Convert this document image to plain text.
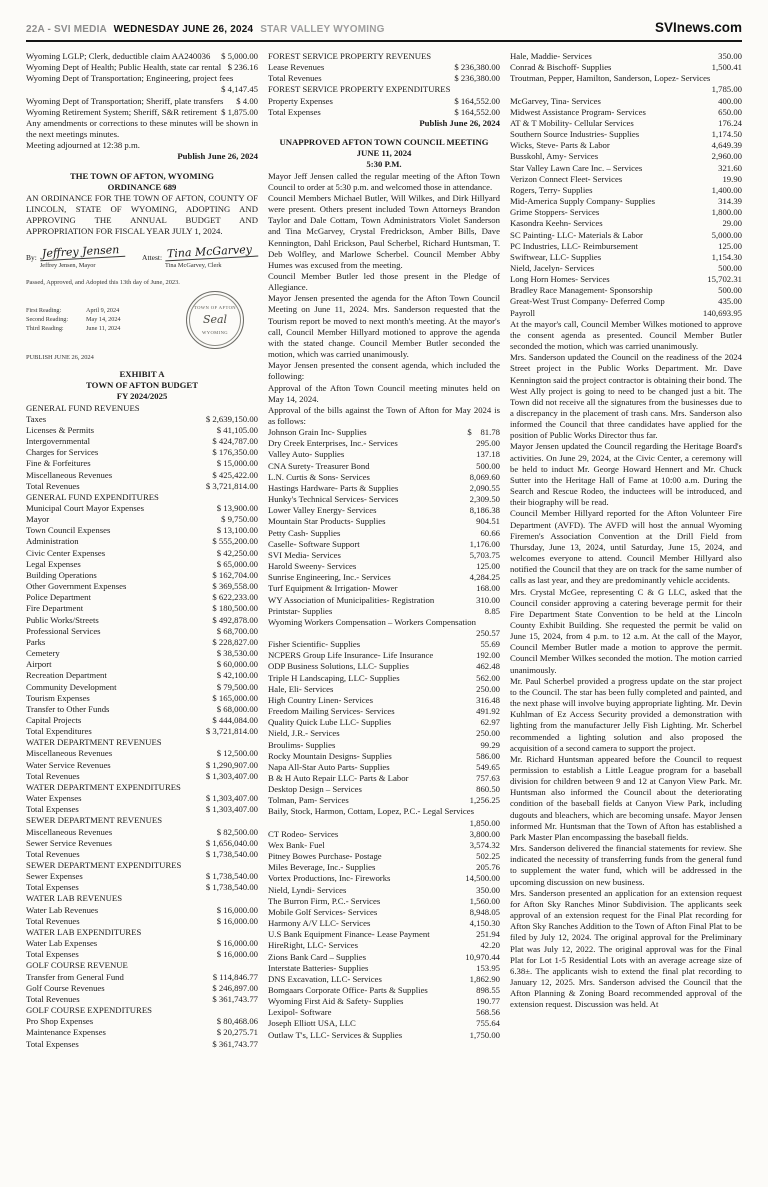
22A - SVI MEDIA WEDNESDAY JUNE 26, 2024 STAR VALLEY WYOMING	SVInews.com
Wyoming LGLP; Clerk, deductible claim AA240036 $ 5,000.00
Wyoming Dept of Health; Public Health, state car rental $ 236.16
Wyoming Dept of Transportation; Engineering, project fees
$ 4,147.45
Wyoming Dept of Transportation; Sheriff, plate transfers $ 4.00
Wyoming Retirement System; Sheriff, S&R retirement $ 1,875.00
Any amendments or corrections to these minutes will be shown in the next meetings minutes.
Meeting adjourned at 12:38 p.m.
Publish June 26, 2024
THE TOWN OF AFTON, WYOMING
ORDINANCE 689
AN ORDINANCE FOR THE TOWN OF AFTON, COUNTY OF LINCOLN, STATE OF WYOMING, ADOPTING AND APPROVING THE ANNUAL BUDGET AND APPROPRIATION FOR FISCAL YEAR JULY 1, 2024.
By: Jeffrey Jensen
Jeffrey Jensen, Mayor
Attest: Tina McGarvey
Tina McGarvey, Clerk
Passed, Approved, and Adopted this 13th day of June, 2023.
First Reading:	April 9, 2024
Second Reading:	May 14, 2024
Third Reading:	June 11, 2024
TOWN OF AFTON
Seal
WYOMING
PUBLISH JUNE 26, 2024
EXHIBIT A
TOWN OF AFTON BUDGET
FY 2024/2025
GENERAL FUND REVENUES
Taxes	$ 2,639,150.00
Licenses & Permits	$ 41,105.00
Intergovernmental	$ 424,787.00
Charges for Services	$ 176,350.00
Fine & Forfeitures	$ 15,000.00
Miscellaneous Revenues	$ 425,422.00
Total Revenues	$ 3,721,814.00
GENERAL FUND EXPENDITURES
Municipal Court Mayor Expenses	$ 13,900.00
Mayor	$ 9,750.00
Town Council Expenses	$ 13,100.00
Administration	$ 555,200.00
Civic Center Expenses	$ 42,250.00
Legal Expenses	$ 65,000.00
Building Operations	$ 162,704.00
Other Government Expenses	$ 369,558.00
Police Department	$ 622,233.00
Fire Department	$ 180,500.00
Public Works/Streets	$ 492,878.00
Professional Services	$ 68,700.00
Parks	$ 228,827.00
Cemetery	$ 38,530.00
Airport	$ 60,000.00
Recreation Department	$ 42,100.00
Community Development	$ 79,500.00
Tourism Expenses	$ 165,000.00
Transfer to Other Funds	$ 68,000.00
Capital Projects	$ 444,084.00
Total Expenditures	$ 3,721,814.00
WATER DEPARTMENT REVENUES
Miscellaneous Revenues	$ 12,500.00
Water Service Revenues	$ 1,290,907.00
Total Revenues	$ 1,303,407.00
WATER DEPARTMENT EXPENDITURES
Water Expenses	$ 1,303,407.00
Total Expenses	$ 1,303,407.00
SEWER DEPARTMENT REVENUES
Miscellaneous Revenues	$ 82,500.00
Sewer Service Revenues	$ 1,656,040.00
Total Revenues	$ 1,738,540.00
SEWER DEPARTMENT EXPENDITURES
Sewer Expenses	$ 1,738,540.00
Total Expenses	$ 1,738,540.00
WATER LAB REVENUES
Water Lab Revenues	$ 16,000.00
Total Revenues	$ 16,000.00
WATER LAB EXPENDITURES
Water Lab Expenses	$ 16,000.00
Total Expenses	$ 16,000.00
GOLF COURSE REVENUE
Transfer from General Fund	$ 114,846.77
Golf Course Revenues	$ 246,897.00
Total Revenues	$ 361,743.77
GOLF COURSE EXPENDITURES
Pro Shop Expenses	$ 80,468.06
Maintenance Expenses	$ 20,275.71
Total Expenses	$ 361,743.77
FOREST SERVICE PROPERTY REVENUES
Lease Revenues	$ 236,380.00
Total Revenues	$ 236,380.00
FOREST SERVICE PROPERTY EXPENDITURES
Property Expenses	$ 164,552.00
Total Expenses	$ 164,552.00
Publish June 26, 2024
UNAPPROVED AFTON TOWN COUNCIL MEETING
JUNE 11, 2024
5:30 P.M.
Mayor Jeff Jensen called the regular meeting of the Afton Town Council to order at 5:30 p.m. and welcomed those in attendance.
Council Members Michael Butler, Will Wilkes, and Dirk Hillyard were present. Others present included Town Attorneys Brandon Taylor and Dale Cottam, Town Administrators Violet Sanderson and Tina McGarvey, Crystal Fredrickson, Amber Bills, Dave Kennington, Dahl Erickson, Paul Scherbel, Richard Huntsman, T. Deb Wolfley, and Marlowe Scherbel. Council Member Abby Humes was excused from the meeting.
Council Member Butler led those present in the Pledge of Allegiance.
Mayor Jensen presented the agenda for the Afton Town Council Meeting on June 11, 2024. Mrs. Sanderson requested that the Tourism report be moved to next month's meeting. At the mayor's call, Council Member Hillyard motioned to approve the agenda with the stated change. Council Member Butler seconded the motion, which was carried unanimously.
Mayor Jensen presented the consent agenda, which included the following:
Approval of the Afton Town Council meeting minutes held on May 14, 2024.
Approval of the bills against the Town of Afton for May 2024 is as follows:
Johnson Grain Inc- Supplies	$    81.78
Dry Creek Enterprises, Inc.- Services	295.00
Valley Auto- Supplies	137.18
CNA Surety- Treasurer Bond	500.00
L.N. Curtis & Sons- Services	8,069.60
Hastings Hardware- Parts & Supplies	2,090.55
Hunky's Technical Services- Services	2,309.50
Lower Valley Energy- Services	8,186.38
Mountain Star Products- Supplies	904.51
Petty Cash- Supplies	60.66
Caselle- Software Support	1,176.00
SVI Media- Services	5,703.75
Harold Sweeny- Services	125.00
Sunrise Engineering, Inc.- Services	4,284.25
Turf Equipment & Irrigation- Mower	168.00
WY Association of Municipalities- Registration	310.00
Printstar- Supplies	8.85
Wyoming Workers Compensation – Workers Compensation
250.57
Fisher Scientific- Supplies	55.69
NCPERS Group Life Insurance- Life Insurance	192.00
ODP Business Solutions, LLC- Supplies	462.48
Triple H Landscaping, LLC- Supplies	562.00
Hale, Eli- Services	250.00
High Country Linen- Services	316.48
Freedom Mailing Services- Services	491.92
Quality Quick Lube LLC- Supplies	62.97
Nield, J.R.- Services	250.00
Broulims- Supplies	99.29
Rocky Mountain Designs- Supplies	586.00
Napa All-Star Auto Parts- Supplies	549.65
B & H Auto Repair LLC- Parts & Labor	757.63
Desktop Design – Services	860.50
Tolman, Pam- Services	1,256.25
Baily, Stock, Harmon, Cottam, Lopez, P.C.- Legal Services
1,850.00
CT Rodeo- Services	3,800.00
Wex Bank- Fuel	3,574.32
Pitney Bowes Purchase- Postage	502.25
Miles Beverage, Inc.- Supplies	205.76
Vortex Productions, Inc- Fireworks	14,500.00
Nield, Lyndi- Services	350.00
The Burron Firm, P.C.- Services	1,560.00
Mobile Golf Services- Services	8,948.05
Harmony A/V LLC- Services	4,150.30
U.S Bank Equipment Finance- Lease Payment	251.94
HireRight, LLC- Services	42.20
Zions Bank Card – Supplies	10,970.44
Interstate Batteries- Supplies	153.95
DNS Excavation, LLC- Services	1,862.90
Bomgaars Corporate Office- Parts & Supplies	898.55
Wyoming First Aid & Safety- Supplies	190.77
Lexipol- Software	568.56
Joseph Elliott USA, LLC	755.64
Outlaw T's, LLC- Services & Supplies	1,750.00
Hale, Maddie- Services	350.00
Conrad & Bischoff- Supplies	1,500.41
Troutman, Pepper, Hamilton, Sanderson, Lopez- Services
1,785.00
McGarvey, Tina- Services	400.00
Midwest Assistance Program- Services	650.00
AT & T Mobility- Cellular Services	176.24
Southern Source Industries- Supplies	1,174.50
Wicks, Steve- Parts & Labor	4,649.39
Busskohl, Amy- Services	2,960.00
Star Valley Lawn Care Inc. – Services	321.60
Verizon Connect Fleet- Services	19.90
Rogers, Terry- Supplies	1,400.00
Mid-America Supply Company- Supplies	314.39
Grime Stoppers- Services	1,800.00
Kasondra Keehn- Services	29.00
SC Painting- LLC- Materials & Labor	5,000.00
PC Industries, LLC- Reimbursement	125.00
Swiftwear, LLC- Supplies	1,154.30
Nield, Jacelyn- Services	500.00
Long Horn Homes- Services	15,702.31
Bradley Race Management- Sponsorship	500.00
Great-West Trust Company- Deferred Comp	435.00
Payroll	140,693.95
At the mayor's call, Council Member Wilkes motioned to approve the consent agenda as presented. Council Member Butler seconded the motion, which was carried unanimously.
Mrs. Sanderson updated the Council on the readiness of the 2024 Street project in the Public Works Department. Mr. Dave Kennington said the project contractor is obtaining their bond. The West Ally project is going to need to be changed just a bit. The Town did not receive all the signatures from the businesses due to a discrepancy in the placement of trash cans. Mrs. Sanderson also informed the Council that three candidates have applied for the position of Public Works Director thus far.
Mayor Jensen updated the Council regarding the Heritage Board's activities. On June 29, 2024, at the Civic Center, a ceremony will be held to induct Mr. George Howard Hennert and Mr. Chuck Sutter into the Heritage Hall of Fame at 10:00 a.m. During the Search and Rescue Rodeo, the inductees will be introduced, and their biography will be read.
Council Member Hillyard reported for the Afton Volunteer Fire Department (AVFD). The AVFD will host the annual Wyoming Firemen's Association Convention at the Drill Field from Thursday, June 13, 2024, until Saturday, June 15, 2024, and welcomes everyone to attend. Council Member Hillyard also notified the Council that they are on track for the same number of calls as last year, and they are predominantly vehicle accidents.
Mrs. Crystal McGee, representing C & G LLC, asked that the Council consider approving a catering beverage permit for their Fire Department State Convention to be held at the Lincoln County Exhibit Building. She requested the permit be valid on June 15, 2024, from 4 p.m. to 12 a.m. At the call of the Mayor, Council Member Butler made a motion to approve the permit. Council Member Wilkes seconded the motion. The motion carried unanimously.
Mr. Paul Scherbel provided a progress update on the star project to the Council. The star has been fully completed and painted, and the next phase will involve buying appropriate lighting. Mr. Devin Kuhlman of Ez Access Security provided a demonstration with lighting from the manufacturer Jelly Fish Lighting. Mr. Scherbel recommended a lighting solution and also proposed the acquisition of a second camera to support the project.
Mr. Richard Huntsman appeared before the Council to request permission to establish a Little League program for a baseball division for children between 9 and 12 at Canyon View Park. Mr. Huntsman also informed the Council about the deteriorating condition of the baseball fields at Canyon View Park, including dugouts and bleachers, which are becoming unsafe. Mayor Jensen informed Mr. Huntsman that the Town of Afton has established a Park Master Plan encompassing the baseball fields.
Mrs. Sanderson delivered the financial statements for review. She indicated the necessity of transferring funds from the general fund to supplement the water fund, which will be addressed in the upcoming discussion on new business.
Mrs. Sanderson presented an application for an extension request for Afton Sky Ranches Minor Subdivision. The applicants seek approval of an extension request for the Final Plat recording for Afton Sky Ranches Addition to the Town of Afton Final Plat to be filed by July 12, 2024. The original approval for the Preliminary Plat was July 12, 2022. The original approval was for the Final Plat for Lot 1-5 Residential Lots with an average acreage size of 6.38±. The applicants wish to extend the final plat recording to January 12, 2025. Mrs. Sanderson advised the Council that the Afton Planning & Zoning Board recommended approval of the extension request. Discussion was held. At
